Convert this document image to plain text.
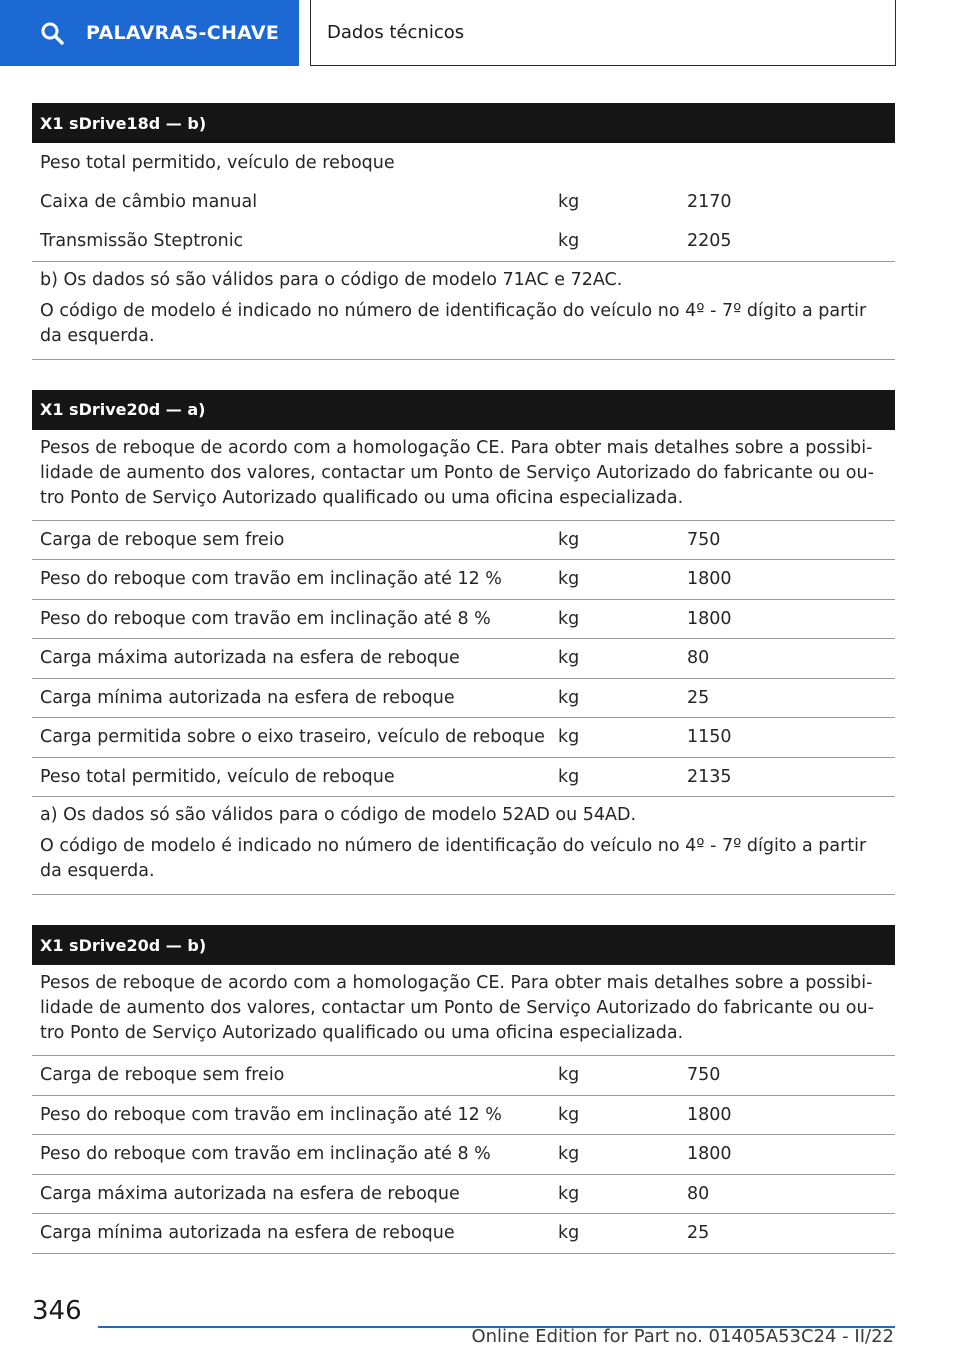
PALAVRAS-CHAVE	Dados técnicos
X1 sDrive18d — b)
Peso total permitido, veículo de reboque
Caixa de câmbio manual	kg	2170
Transmissão Steptronic	kg	2205

b) Os dados só são válidos para o código de modelo 71AC e 72AC.

O código de modelo é indicado no número de identificação do veículo no 4º - 7º dígito a partir da esquerda.

X1 sDrive20d — a)
Pesos de reboque de acordo com a homologação CE. Para obter mais detalhes sobre a possibi-lidade de aumento dos valores, contactar um Ponto de Serviço Autorizado do fabricante ou ou-tro Ponto de Serviço Autorizado qualificado ou uma oficina especializada.
Carga de reboque sem freio	kg	750
Peso do reboque com travão em inclinação até 12 %	kg	1800
Peso do reboque com travão em inclinação até 8 %	kg	1800
Carga máxima autorizada na esfera de reboque	kg	80
Carga mínima autorizada na esfera de reboque	kg	25
Carga permitida sobre o eixo traseiro, veículo de reboque kg	1150
Peso total permitido, veículo de reboque	kg	2135

a) Os dados só são válidos para o código de modelo 52AD ou 54AD.

O código de modelo é indicado no número de identificação do veículo no 4º - 7º dígito a partir da esquerda.

X1 sDrive20d — b)
Pesos de reboque de acordo com a homologação CE. Para obter mais detalhes sobre a possibi-lidade de aumento dos valores, contactar um Ponto de Serviço Autorizado do fabricante ou ou-tro Ponto de Serviço Autorizado qualificado ou uma oficina especializada.
Carga de reboque sem freio	kg	750
Peso do reboque com travão em inclinação até 12 %	kg	1800
Peso do reboque com travão em inclinação até 8 %	kg	1800
Carga máxima autorizada na esfera de reboque	kg	80
Carga mínima autorizada na esfera de reboque	kg	25
346
Online Edition for Part no. 01405A53C24 - II/22
